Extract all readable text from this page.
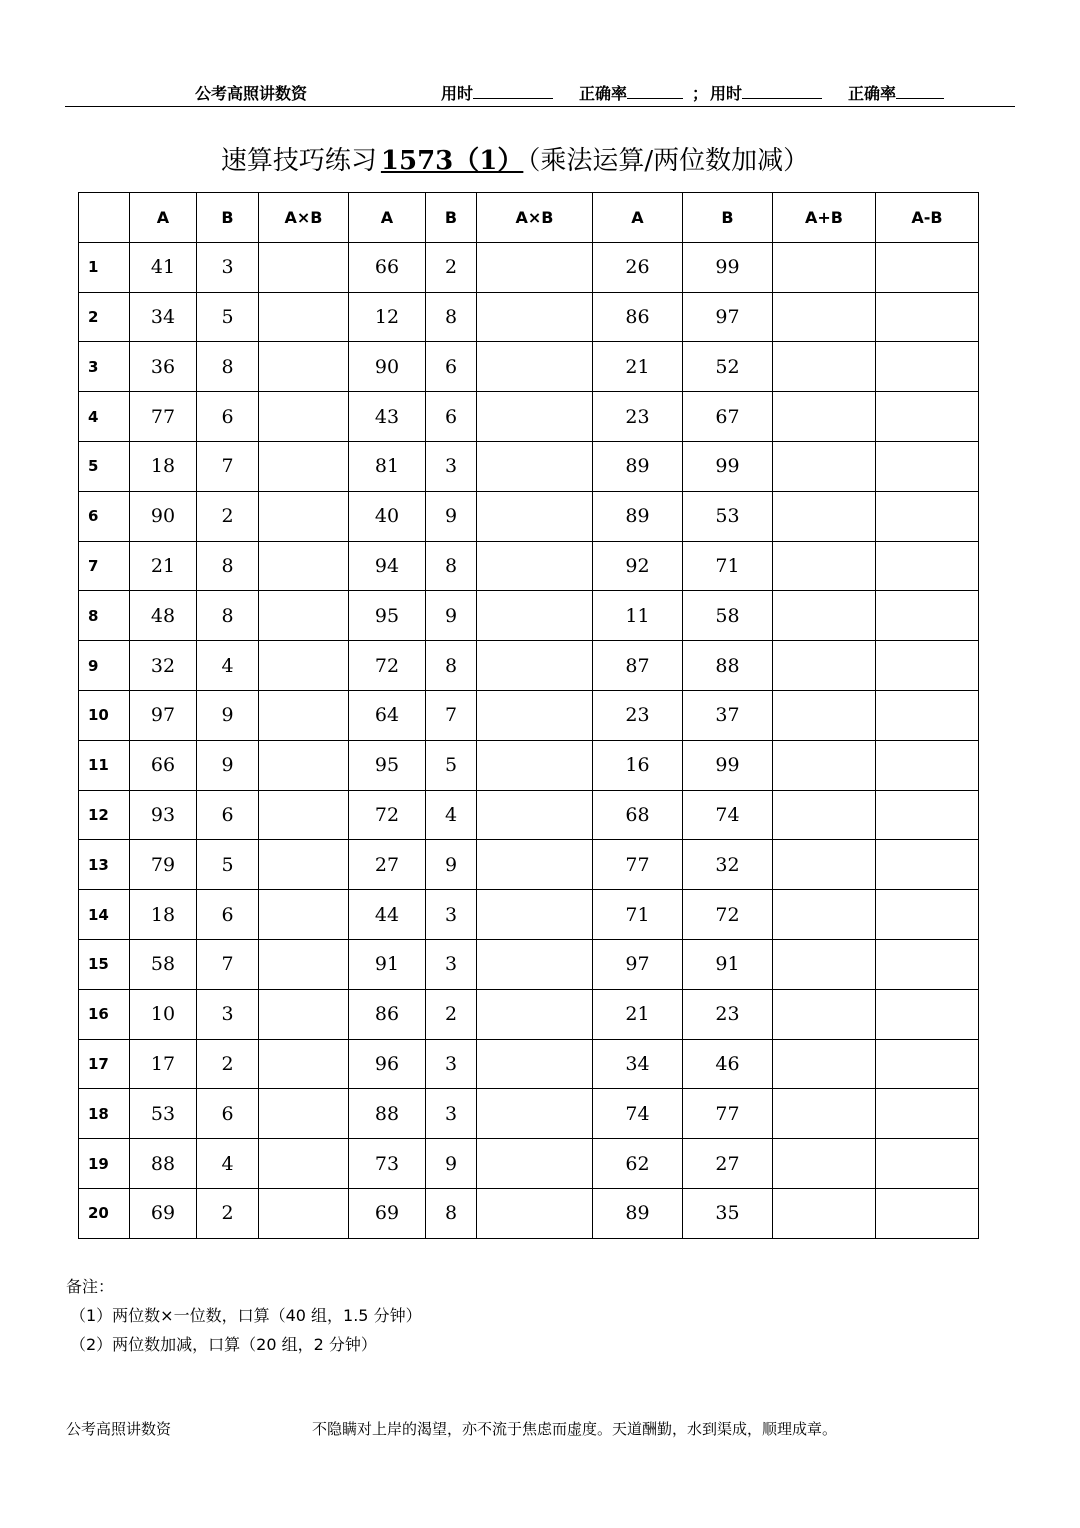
公考高照讲数资	用时	正确率	； 用时	正确率
速算技巧练习 1573（1） （乘法运算/两位数加减）
	A	B	A×B	A	B	A×B	A	B	A+B	A-B
1	41	3		66	2		26	99		
2	34	5		12	8		86	97		
3	36	8		90	6		21	52		
4	77	6		43	6		23	67		
5	18	7		81	3		89	99		
6	90	2		40	9		89	53		
7	21	8		94	8		92	71		
8	48	8		95	9		11	58		
9	32	4		72	8		87	88		
10	97	9		64	7		23	37		
11	66	9		95	5		16	99		
12	93	6		72	4		68	74		
13	79	5		27	9		77	32		
14	18	6		44	3		71	72		
15	58	7		91	3		97	91		
16	10	3		86	2		21	23		
17	17	2		96	3		34	46		
18	53	6		88	3		74	77		
19	88	4		73	9		62	27		
20	69	2		69	8		89	35		
备注：
（1）两位数×一位数，口算（40 组，1.5 分钟）
（2）两位数加减，口算（20 组，2 分钟）
公考高照讲数资	不隐瞒对上岸的渴望，亦不流于焦虑而虚度。天道酬勤，水到渠成，顺理成章。
